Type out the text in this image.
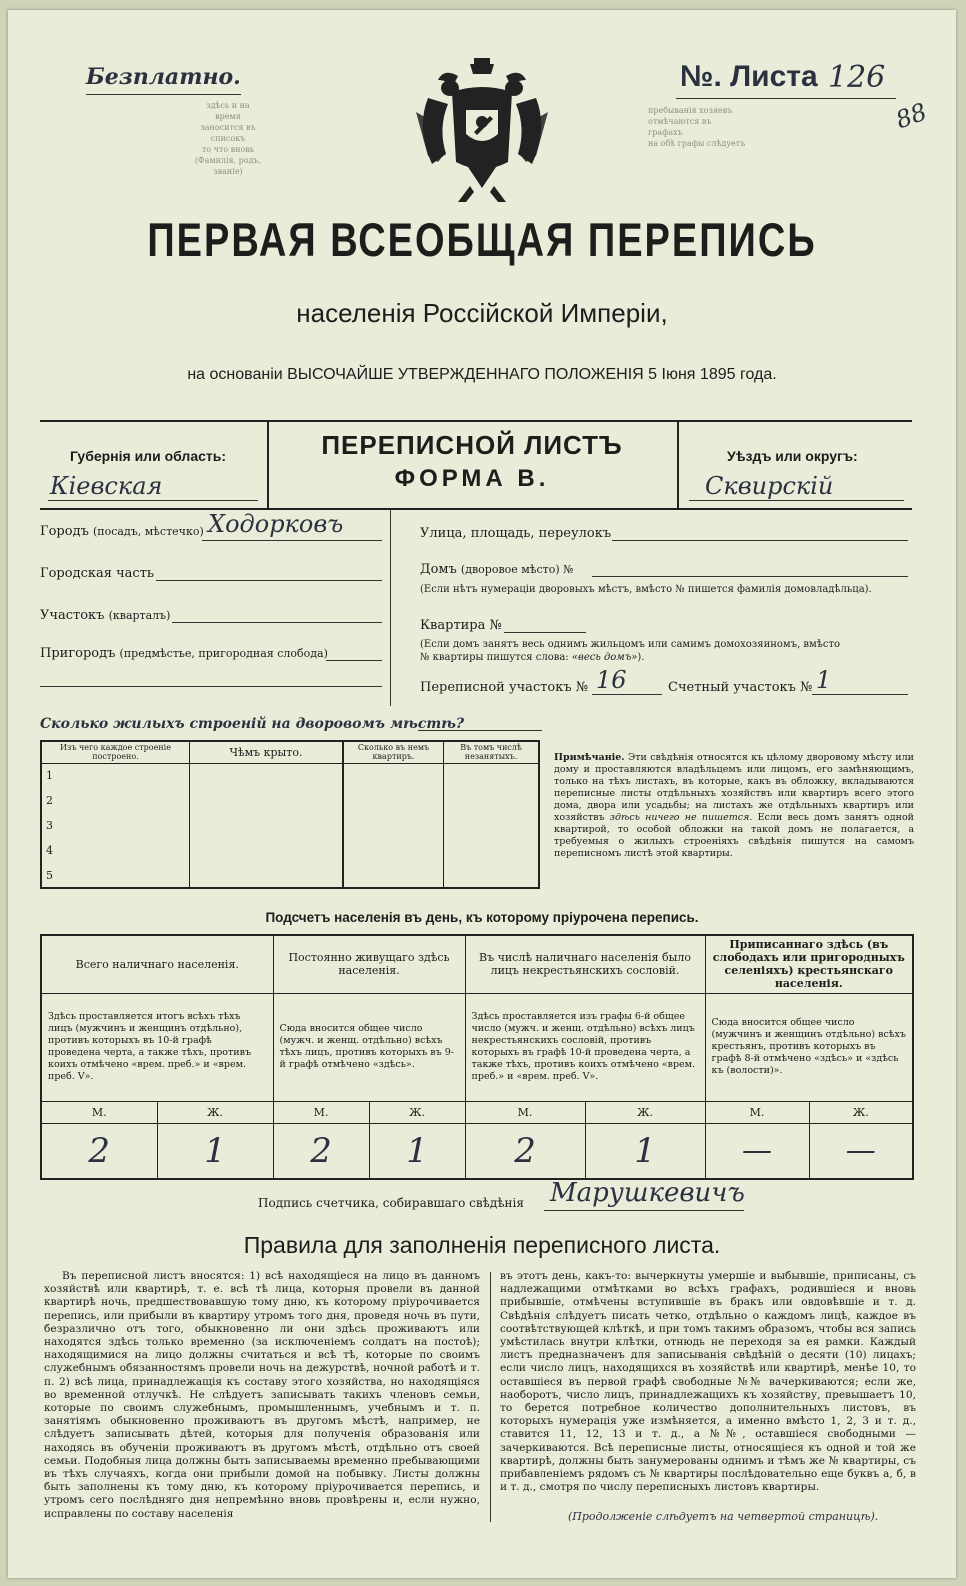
Безплатно.
здѣсь и на время
заносится въ списокъ
то что вновь
(Фамилія, родъ, званіе)
пребыванія хозяевъ
отмѣчаются въ графахъ
на обѣ графы слѣдуетъ
№. Листа 126
88
ПЕРВАЯ ВСЕОБЩАЯ ПЕРЕПИСЬ
населенія Россійской Имперіи,
на основаніи ВЫСОЧАЙШЕ УТВЕРЖДЕННАГО ПОЛОЖЕНІЯ 5 Іюня 1895 года.
Губернія или область:
Кіевская
ПЕРЕПИСНОЙ ЛИСТЪ
ФОРМА В.
Уѣздъ или округъ:
Сквирскій
Городъ (посадъ, мѣстечко) Ходорковъ
Городская часть
Участокъ (кварталъ)
Пригородъ (предмѣстье, пригородная слобода)
Улица, площадь, переулокъ
Домъ (дворовое мѣсто) №
(Если нѣтъ нумераціи дворовыхъ мѣстъ, вмѣсто № пишется фамилія домовладѣльца).
Квартира №
(Если домъ занятъ весь однимъ жильцомъ или самимъ домохозяиномъ, вмѣсто
№ квартиры пишутся слова: «весь домъ»).
Переписной участокъ № 16	Счетный участокъ № 1
Сколько жилыхъ строеній на дворовомъ мѣстѣ?
Изъ чего каждое строеніе построено.	Чѣмъ крыто.	Сколько въ немъ квартиръ.	Въ томъ числѣ незанятыхъ.
1			
2			
3			
4			
5			
Примѣчаніе. Эти свѣдѣнія относятся къ цѣлому дворовому мѣсту или дому и проставляются владѣльцемъ или лицомъ, его замѣняющимъ, только на тѣхъ листахъ, въ которые, какъ въ обложку, вкладываются переписные листы отдѣльныхъ хозяйствъ или квартиръ всего этого дома, двора или усадьбы; на листахъ же отдѣльныхъ квартиръ или хозяйствъ здѣсь ничего не пишется. Если весь домъ занятъ одной квартирой, то особой обложки на такой домъ не полагается, а требуемыя о жилыхъ строеніяхъ свѣдѣнія пишутся на самомъ переписномъ листѣ этой квартиры.
Подсчетъ населенія въ день, къ которому пріурочена перепись.
Всего наличнаго населенія.		Постоянно живущаго здѣсь населенія.		Въ числѣ наличнаго населенія было лицъ некрестьянскихъ сословій.		Приписаннаго здѣсь (въ слободахъ или пригородныхъ селеніяхъ) крестьянскаго населенія.	
Здѣсь проставляется итогъ всѣхъ тѣхъ лицъ (мужчинъ и женщинъ отдѣльно), противъ которыхъ въ 10-й графѣ проведена черта, а также тѣхъ, противъ коихъ отмѣчено «врем. преб.» и «врем. преб. V».		Сюда вносится общее число (мужч. и женщ. отдѣльно) всѣхъ тѣхъ лицъ, противъ которыхъ въ 9-й графѣ отмѣчено «здѣсь».		Здѣсь проставляется изъ графы 6-й общее число (мужч. и женщ. отдѣльно) всѣхъ лицъ некрестьянскихъ сословій, противъ которыхъ въ графѣ 10-й проведена черта, а также тѣхъ, противъ коихъ отмѣчено «врем. преб.» и «врем. преб. V».		Сюда вносится общее число (мужчинъ и женщинъ отдѣльно) всѣхъ крестьянъ, противъ которыхъ въ графѣ 8-й отмѣчено «здѣсь» и «здѣсь къ (волости)».	
М.	Ж.	М.	Ж.	М.	Ж.	М.	Ж.
2	1	2	1	2	1	—	—
Подпись счетчика, собиравшаго свѣдѣнія Марушкевичъ
Правила для заполненія переписного листа.
Въ переписной листъ вносятся: 1) всѣ находящіеся на лицо въ данномъ хозяйствѣ или квартирѣ, т. е. всѣ тѣ лица, которыя провели въ данной квартирѣ ночь, предшествовавшую тому дню, къ которому пріурочивается перепись, или прибыли въ квартиру утромъ того дня, проведя ночь въ пути, безразлично отъ того, обыкновенно ли они здѣсь проживаютъ или находятся здѣсь только временно (за исключеніемъ солдатъ на постоѣ); находящимися на лицо должны считаться и всѣ тѣ, которые по своимъ служебнымъ обязанностямъ провели ночь на дежурствѣ, ночной работѣ и т. п. 2) всѣ лица, принадлежащія къ составу этого хозяйства, но находящіяся во временной отлучкѣ. Не слѣдуетъ записывать такихъ членовъ семьи, которые по своимъ служебнымъ, промышленнымъ, учебнымъ и т. п. занятіямъ обыкновенно проживаютъ въ другомъ мѣстѣ, например, не слѣдуетъ записывать дѣтей, которыя для полученія образованія или находясь въ обученіи проживаютъ въ другомъ мѣстѣ, отдѣльно отъ своей семьи. Подобныя лица должны быть записываемы временно пребывающими въ тѣхъ случаяхъ, когда они прибыли домой на побывку. Листы должны быть заполнены къ тому дню, къ которому пріурочивается перепись, и утромъ сего послѣдняго дня непремѣнно вновь провѣрены и, если нужно, исправлены по составу населенія
въ этотъ день, какъ-то: вычеркнуты умершіе и выбывшіе, приписаны, съ надлежащими отмѣтками во всѣхъ графахъ, родившіеся и вновь прибывшіе, отмѣчены вступившіе въ бракъ или овдовѣвшіе и т. д. Свѣдѣнія слѣдуетъ писать четко, отдѣльно о каждомъ лицѣ, каждое въ соотвѣтствующей клѣткѣ, и при томъ такимъ образомъ, чтобы вся запись умѣстилась внутри клѣтки, отнюдь не переходя за ея рамки. Каждый листъ предназначенъ для записыванія свѣдѣній о десяти (10) лицахъ; если число лицъ, находящихся въ хозяйствѣ или квартирѣ, менѣе 10, то оставшіеся въ первой графѣ свободные №№ вачеркиваются; если же, наоборотъ, число лицъ, принадлежащихъ къ хозяйству, превышаетъ 10, то берется потребное количество дополнительныхъ листовъ, въ которыхъ нумерація уже измѣняется, а именно вмѣсто 1, 2, 3 и т. д., ставится 11, 12, 13 и т. д., а №№, оставшіеся свободными — зачеркиваются. Всѣ переписные листы, относящіеся къ одной и той же квартирѣ, должны быть занумерованы однимъ и тѣмъ же № квартиры, съ прибавленіемъ рядомъ съ № квартиры послѣдовательно еще буквъ а, б, в и т. д., смотря по числу переписныхъ листовъ квартиры.
(Продолженіе слѣдуетъ на четвертой страницѣ).
